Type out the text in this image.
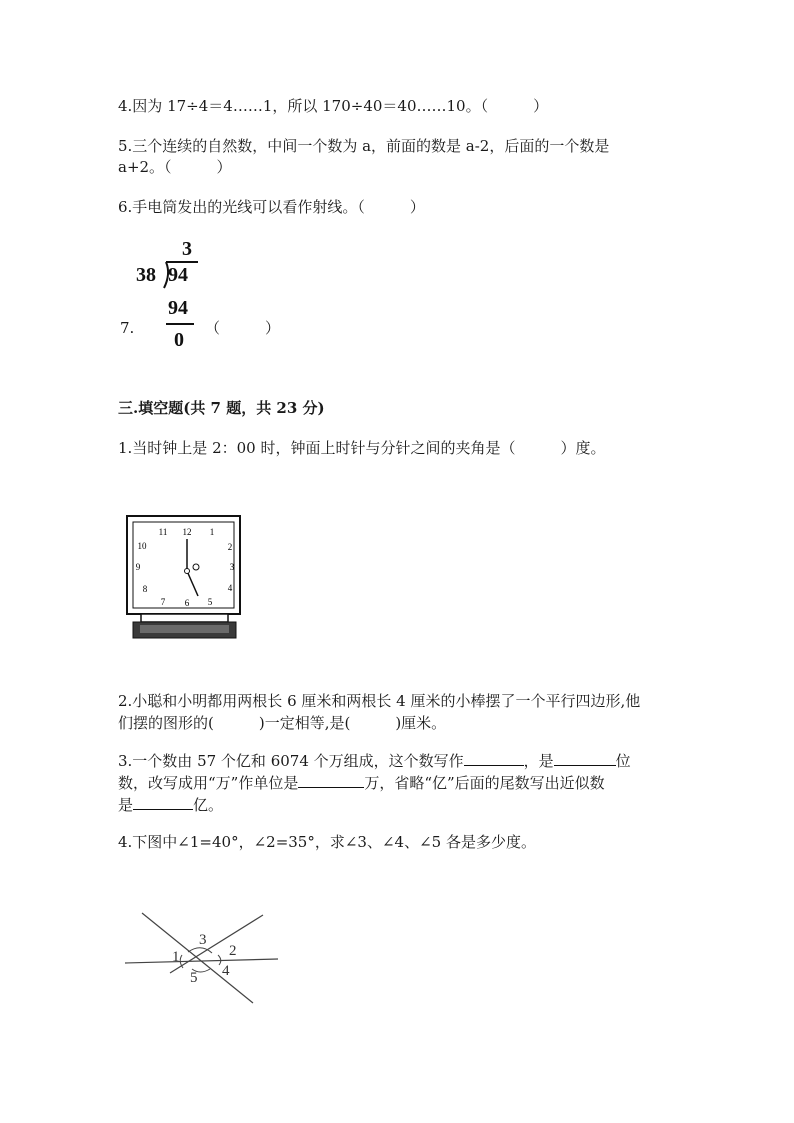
4.因为 17÷4＝4……1，所以 170÷40＝40……10。（　　　）
5.三个连续的自然数，中间一个数为 a，前面的数是 a-2，后面的一个数是
a+2。（　　　）
6.手电筒发出的光线可以看作射线。（　　　）
3
38 94
94
0
7.	（　　　）
三.填空题(共 7 题，共 23 分)
1.当时钟上是 2：00 时，钟面上时针与分针之间的夹角是（　　　）度。
12 1
2
3
4
5
6
7
8
9
10
11
2.小聪和小明都用两根长 6 厘米和两根长 4 厘米的小棒摆了一个平行四边形,他
们摆的图形的(　　　)一定相等,是(　　　)厘米。
3.一个数由 57 个亿和 6074 个万组成，这个数写作	，是	位
数，改写成用“万”作单位是	万，省略“亿”后面的尾数写出近似数
是	亿。
4.下图中∠1=40°，∠2=35°，求∠3、∠4、∠5 各是多少度。
1	2
3
4
5
